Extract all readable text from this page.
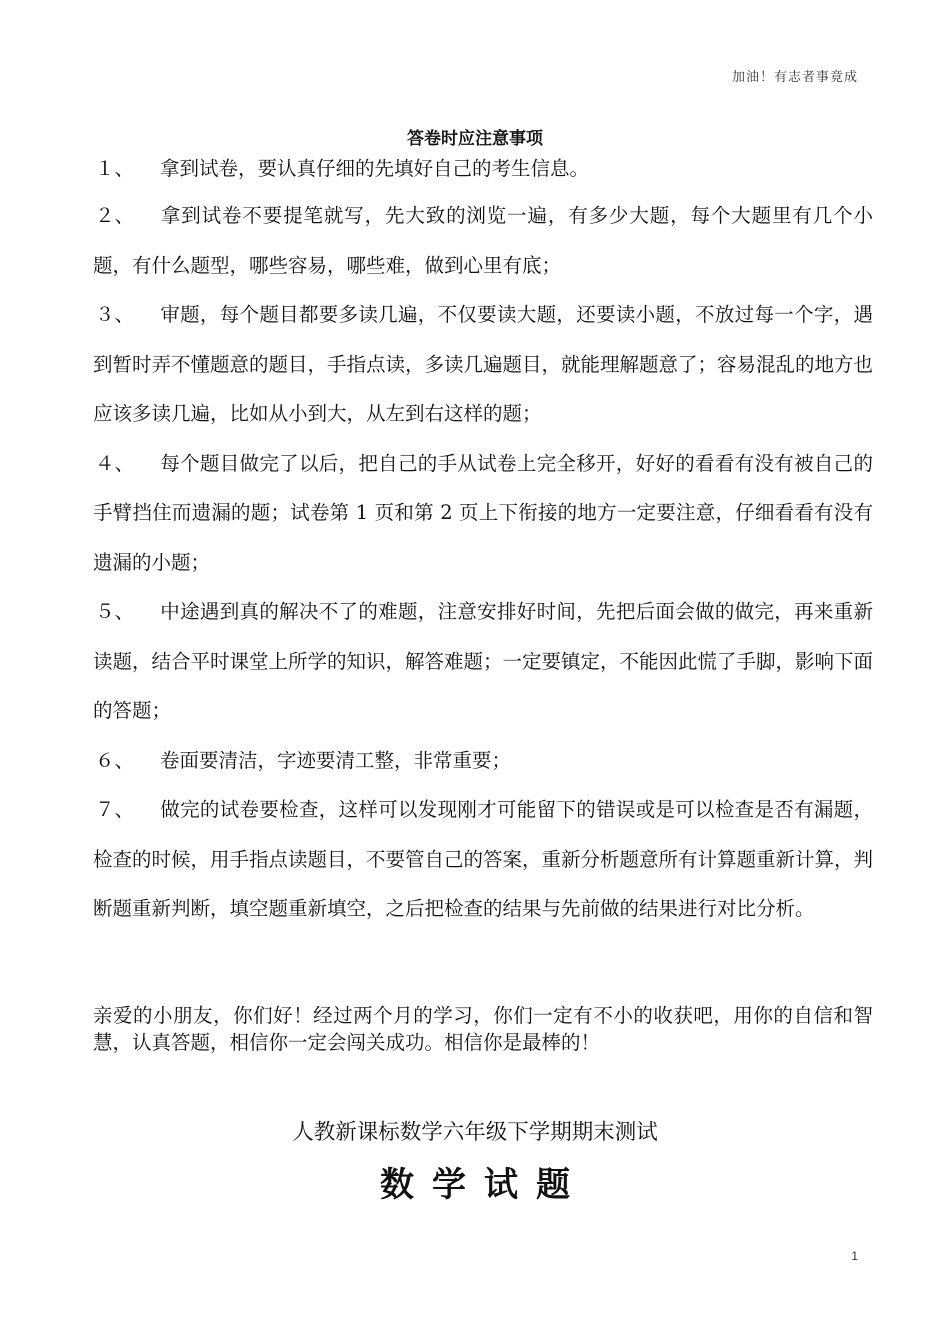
加油！有志者事竟成
答卷时应注意事项

１、 拿到试卷，要认真仔细的先填好自己的考生信息。

２、 拿到试卷不要提笔就写，先大致的浏览一遍，有多少大题，每个大题里有几个小题，有什么题型，哪些容易，哪些难，做到心里有底；

３、 审题，每个题目都要多读几遍，不仅要读大题，还要读小题，不放过每一个字，遇到暂时弄不懂题意的题目，手指点读，多读几遍题目，就能理解题意了；容易混乱的地方也应该多读几遍，比如从小到大，从左到右这样的题；

４、 每个题目做完了以后，把自己的手从试卷上完全移开，好好的看看有没有被自己的手臂挡住而遗漏的题；试卷第 1 页和第 2 页上下衔接的地方一定要注意，仔细看看有没有遗漏的小题；

５、 中途遇到真的解决不了的难题，注意安排好时间，先把后面会做的做完，再来重新读题，结合平时课堂上所学的知识，解答难题；一定要镇定，不能因此慌了手脚，影响下面的答题；

６、 卷面要清洁，字迹要清工整，非常重要；

７、 做完的试卷要检查，这样可以发现刚才可能留下的错误或是可以检查是否有漏题，检查的时候，用手指点读题目，不要管自己的答案，重新分析题意所有计算题重新计算，判断题重新判断，填空题重新填空，之后把检查的结果与先前做的结果进行对比分析。

亲爱的小朋友，你们好！经过两个月的学习，你们一定有不小的收获吧，用你的自信和智慧，认真答题，相信你一定会闯关成功。相信你是最棒的！
人教新课标数学六年级下学期期末测试
数学试题
1
